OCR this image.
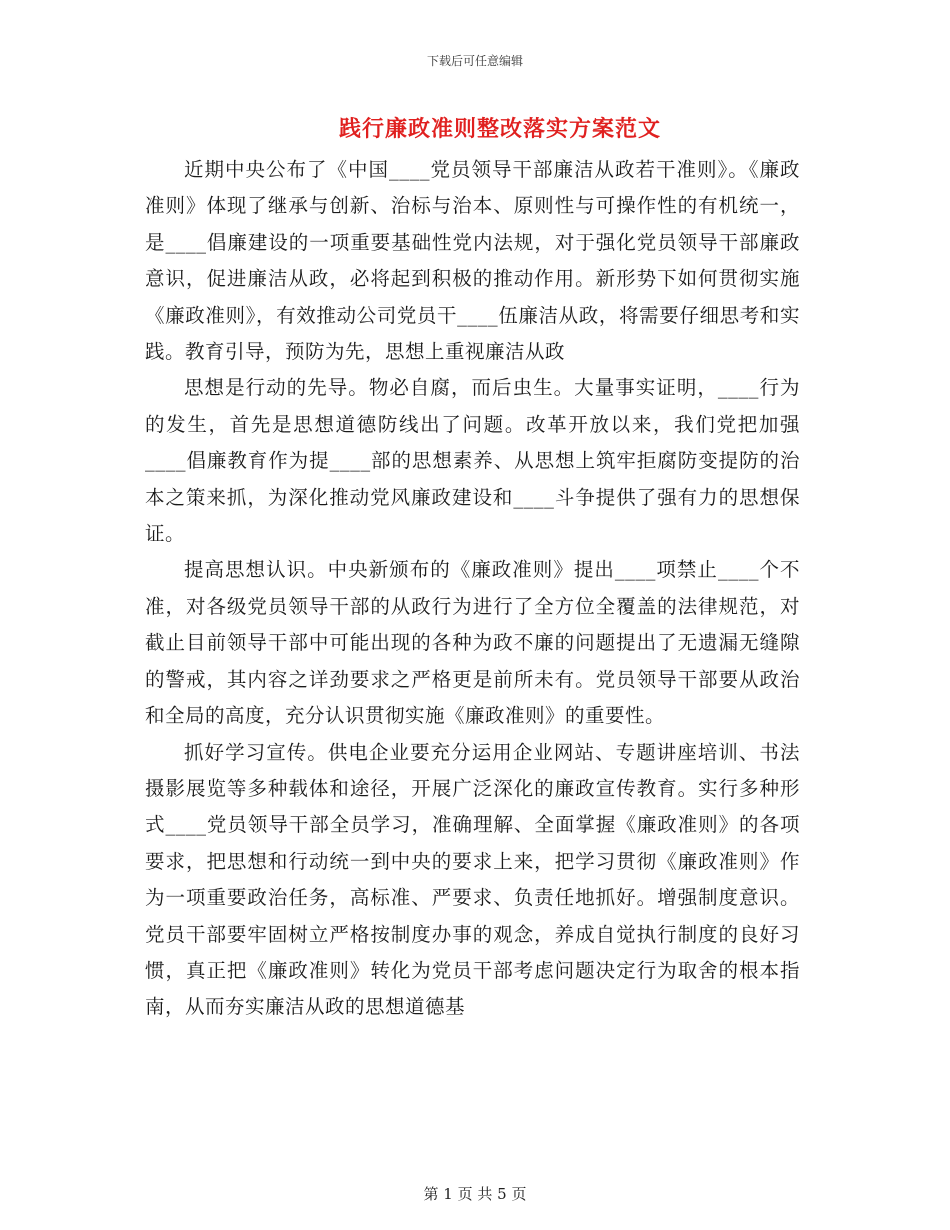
下载后可任意编辑
践行廉政准则整改落实方案范文

近期中央公布了《中国____党员领导干部廉洁从政若干准则》。《廉政准则》体现了继承与创新、治标与治本、原则性与可操作性的有机统一，是____倡廉建设的一项重要基础性党内法规，对于强化党员领导干部廉政意识，促进廉洁从政，必将起到积极的推动作用。新形势下如何贯彻实施《廉政准则》，有效推动公司党员干____伍廉洁从政，将需要仔细思考和实践。教育引导，预防为先，思想上重视廉洁从政

思想是行动的先导。物必自腐，而后虫生。大量事实证明，____行为的发生，首先是思想道德防线出了问题。改革开放以来，我们党把加强____倡廉教育作为提____部的思想素养、从思想上筑牢拒腐防变提防的治本之策来抓，为深化推动党风廉政建设和____斗争提供了强有力的思想保证。

提高思想认识。中央新颁布的《廉政准则》提出____项禁止____个不准，对各级党员领导干部的从政行为进行了全方位全覆盖的法律规范，对截止目前领导干部中可能出现的各种为政不廉的问题提出了无遗漏无缝隙的警戒，其内容之详劲要求之严格更是前所未有。党员领导干部要从政治和全局的高度，充分认识贯彻实施《廉政准则》的重要性。

抓好学习宣传。供电企业要充分运用企业网站、专题讲座培训、书法摄影展览等多种载体和途径，开展广泛深化的廉政宣传教育。实行多种形式____党员领导干部全员学习，准确理解、全面掌握《廉政准则》的各项要求，把思想和行动统一到中央的要求上来，把学习贯彻《廉政准则》作为一项重要政治任务，高标准、严要求、负责任地抓好。增强制度意识。党员干部要牢固树立严格按制度办事的观念，养成自觉执行制度的良好习惯，真正把《廉政准则》转化为党员干部考虑问题决定行为取舍的根本指南，从而夯实廉洁从政的思想道德基

第 1 页 共 5 页
